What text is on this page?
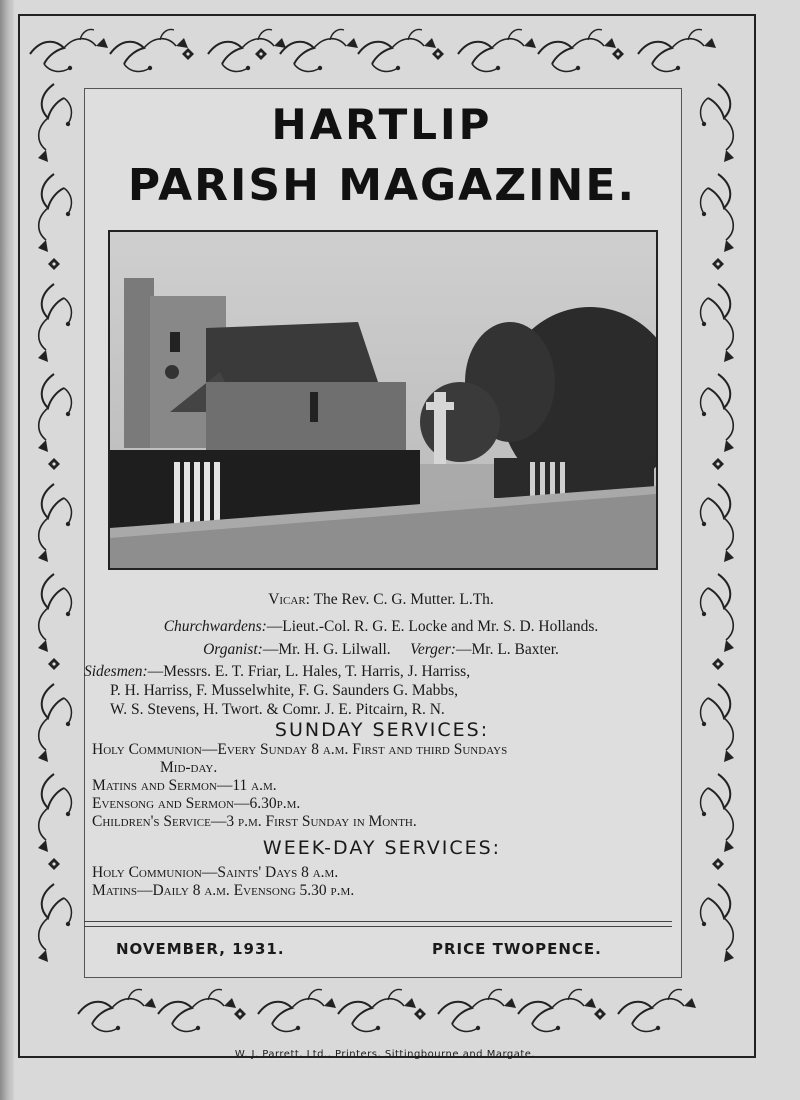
HARTLIP
PARISH MAGAZINE.
Vicar: The Rev. C. G. Mutter. L.Th.
Churchwardens:—Lieut.-Col. R. G. E. Locke and Mr. S. D. Hollands.
Organist:—Mr. H. G. Lilwall. Verger:—Mr. L. Baxter.
Sidesmen:—Messrs. E. T. Friar, L. Hales, T. Harris, J. Harriss,
P. H. Harriss, F. Musselwhite, F. G. Saunders G. Mabbs,
W. S. Stevens, H. Twort. & Comr. J. E. Pitcairn, R. N.
SUNDAY SERVICES:
Holy Communion—Every Sunday 8 a.m. First and third Sundays
Mid-day.
Matins and Sermon—11 a.m.
Evensong and Sermon—6.30p.m.
Children's Service—3 p.m. First Sunday in Month.
WEEK-DAY SERVICES:
Holy Communion—Saints' Days 8 a.m.
Matins—Daily 8 a.m. Evensong 5.30 p.m.
NOVEMBER, 1931.	PRICE TWOPENCE.
W. J. Parrett, Ltd., Printers, Sittingbourne and Margate.
